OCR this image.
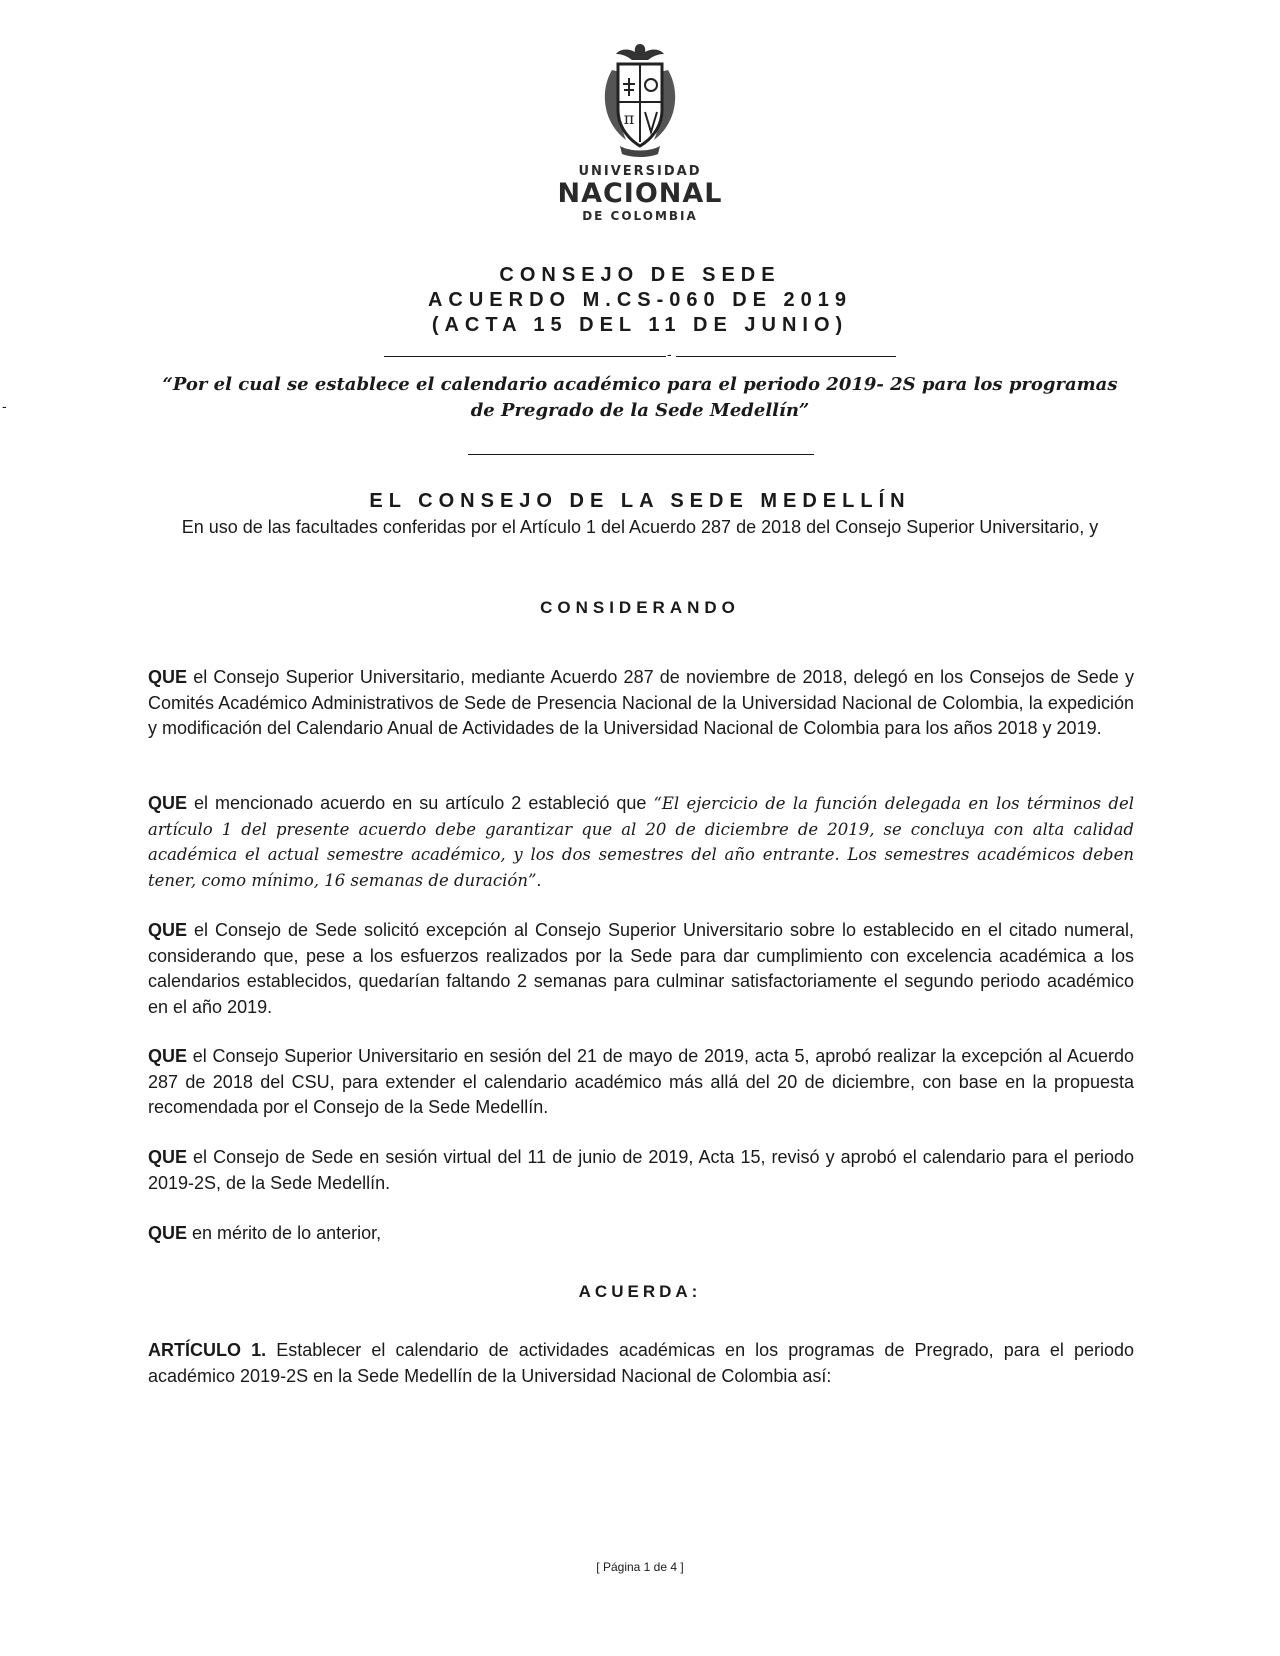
π
UNIVERSIDAD
NACIONAL
DE COLOMBIA
CONSEJO DE SEDE
ACUERDO M.CS-060 DE 2019
(ACTA 15 DEL 11 DE JUNIO)
-
-
“Por el cual se establece el calendario académico para el periodo 2019- 2S para los programas de Pregrado de la Sede Medellín”
EL CONSEJO DE LA SEDE MEDELLÍN
En uso de las facultades conferidas por el Artículo 1 del Acuerdo 287 de 2018 del Consejo Superior Universitario, y
CONSIDERANDO
QUE el Consejo Superior Universitario, mediante Acuerdo 287 de noviembre de 2018, delegó en los Consejos de Sede y Comités Académico Administrativos de Sede de Presencia Nacional de la Universidad Nacional de Colombia, la expedición y modificación del Calendario Anual de Actividades de la Universidad Nacional de Colombia para los años 2018 y 2019.
QUE el mencionado acuerdo en su artículo 2 estableció que “El ejercicio de la función delegada en los términos del artículo 1 del presente acuerdo debe garantizar que al 20 de diciembre de 2019, se concluya con alta calidad académica el actual semestre académico, y los dos semestres del año entrante. Los semestres académicos deben tener, como mínimo, 16 semanas de duración”.
QUE el Consejo de Sede solicitó excepción al Consejo Superior Universitario sobre lo establecido en el citado numeral, considerando que, pese a los esfuerzos realizados por la Sede para dar cumplimiento con excelencia académica a los calendarios establecidos, quedarían faltando 2 semanas para culminar satisfactoriamente el segundo periodo académico en el año 2019.
QUE el Consejo Superior Universitario en sesión del 21 de mayo de 2019, acta 5, aprobó realizar la excepción al Acuerdo 287 de 2018 del CSU, para extender el calendario académico más allá del 20 de diciembre, con base en la propuesta recomendada por el Consejo de la Sede Medellín.
QUE el Consejo de Sede en sesión virtual del 11 de junio de 2019, Acta 15, revisó y aprobó el calendario para el periodo 2019-2S, de la Sede Medellín.
QUE en mérito de lo anterior,
ACUERDA:
ARTÍCULO 1. Establecer el calendario de actividades académicas en los programas de Pregrado, para el periodo académico 2019-2S en la Sede Medellín de la Universidad Nacional de Colombia así:
[ Página 1 de 4 ]
